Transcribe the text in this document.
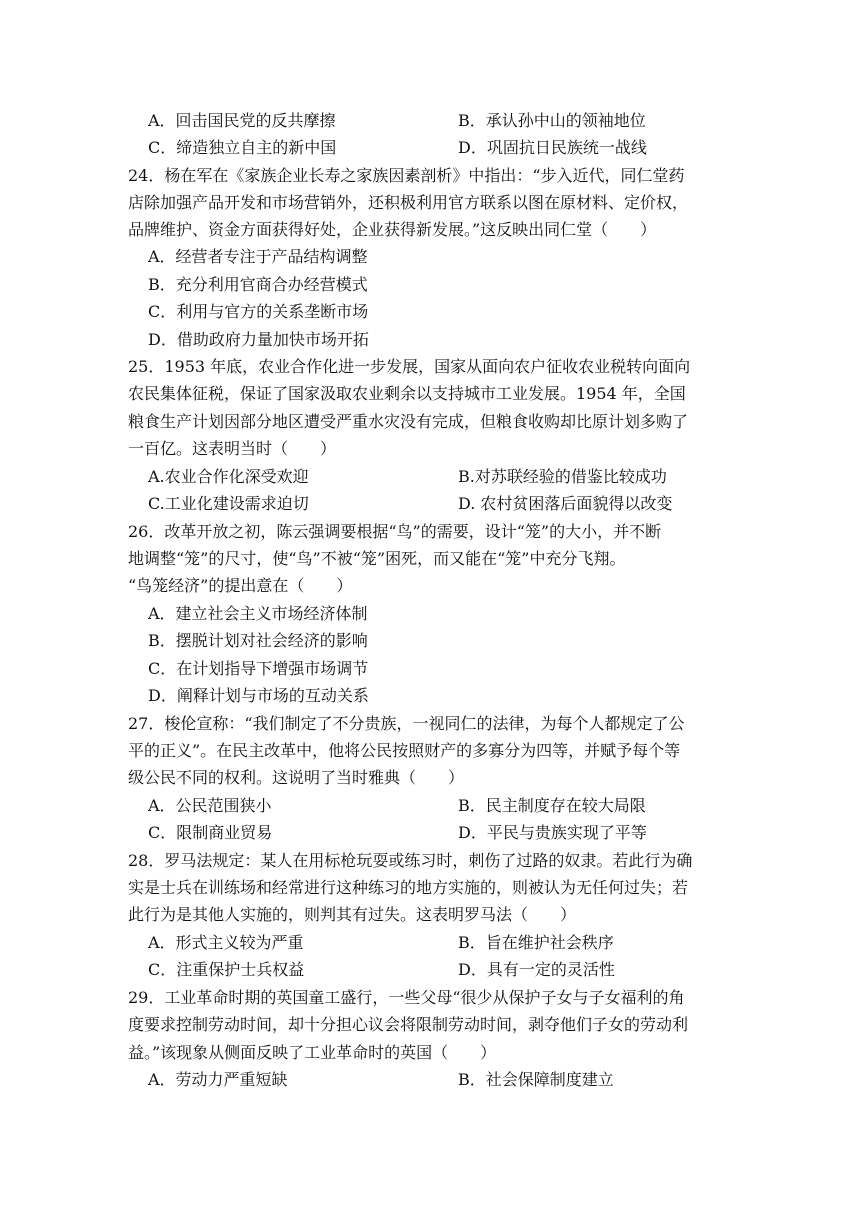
A．回击国民党的反共摩擦	B．承认孙中山的领袖地位
C．缔造独立自主的新中国	D．巩固抗日民族统一战线
24．杨在军在《家族企业长寿之家族因素剖析》中指出：“步入近代，同仁堂药
店除加强产品开发和市场营销外，还积极利用官方联系以图在原材料、定价权，
品牌维护、资金方面获得好处，企业获得新发展。”这反映出同仁堂（　　）
A．经营者专注于产品结构调整
B．充分利用官商合办经营模式
C．利用与官方的关系垄断市场
D．借助政府力量加快市场开拓
25．1953 年底，农业合作化进一步发展，国家从面向农户征收农业税转向面向
农民集体征税，保证了国家汲取农业剩余以支持城市工业发展。1954 年，全国
粮食生产计划因部分地区遭受严重水灾没有完成，但粮食收购却比原计划多购了
一百亿。这表明当时（　　）
A.农业合作化深受欢迎	B.对苏联经验的借鉴比较成功
C.工业化建设需求迫切	D. 农村贫困落后面貌得以改变
26．改革开放之初，陈云强调要根据“鸟”的需要，设计“笼”的大小，并不断
地调整“笼”的尺寸，使“鸟”不被“笼”困死，而又能在“笼”中充分飞翔。
“鸟笼经济”的提出意在（　　）
A．建立社会主义市场经济体制
B．摆脱计划对社会经济的影响
C．在计划指导下增强市场调节
D．阐释计划与市场的互动关系
27．梭伦宣称：“我们制定了不分贵族，一视同仁的法律，为每个人都规定了公
平的正义”。在民主改革中，他将公民按照财产的多寡分为四等，并赋予每个等
级公民不同的权利。这说明了当时雅典（　　）
A．公民范围狭小	B．民主制度存在较大局限
C．限制商业贸易	D．平民与贵族实现了平等
28．罗马法规定：某人在用标枪玩耍或练习时，刺伤了过路的奴隶。若此行为确
实是士兵在训练场和经常进行这种练习的地方实施的，则被认为无任何过失；若
此行为是其他人实施的，则判其有过失。这表明罗马法（　　）
A．形式主义较为严重	B．旨在维护社会秩序
C．注重保护士兵权益	D．具有一定的灵活性
29．工业革命时期的英国童工盛行，一些父母“很少从保护子女与子女福利的角
度要求控制劳动时间，却十分担心议会将限制劳动时间，剥夺他们子女的劳动利
益。”该现象从侧面反映了工业革命时的英国（　　）
A．劳动力严重短缺	B．社会保障制度建立
